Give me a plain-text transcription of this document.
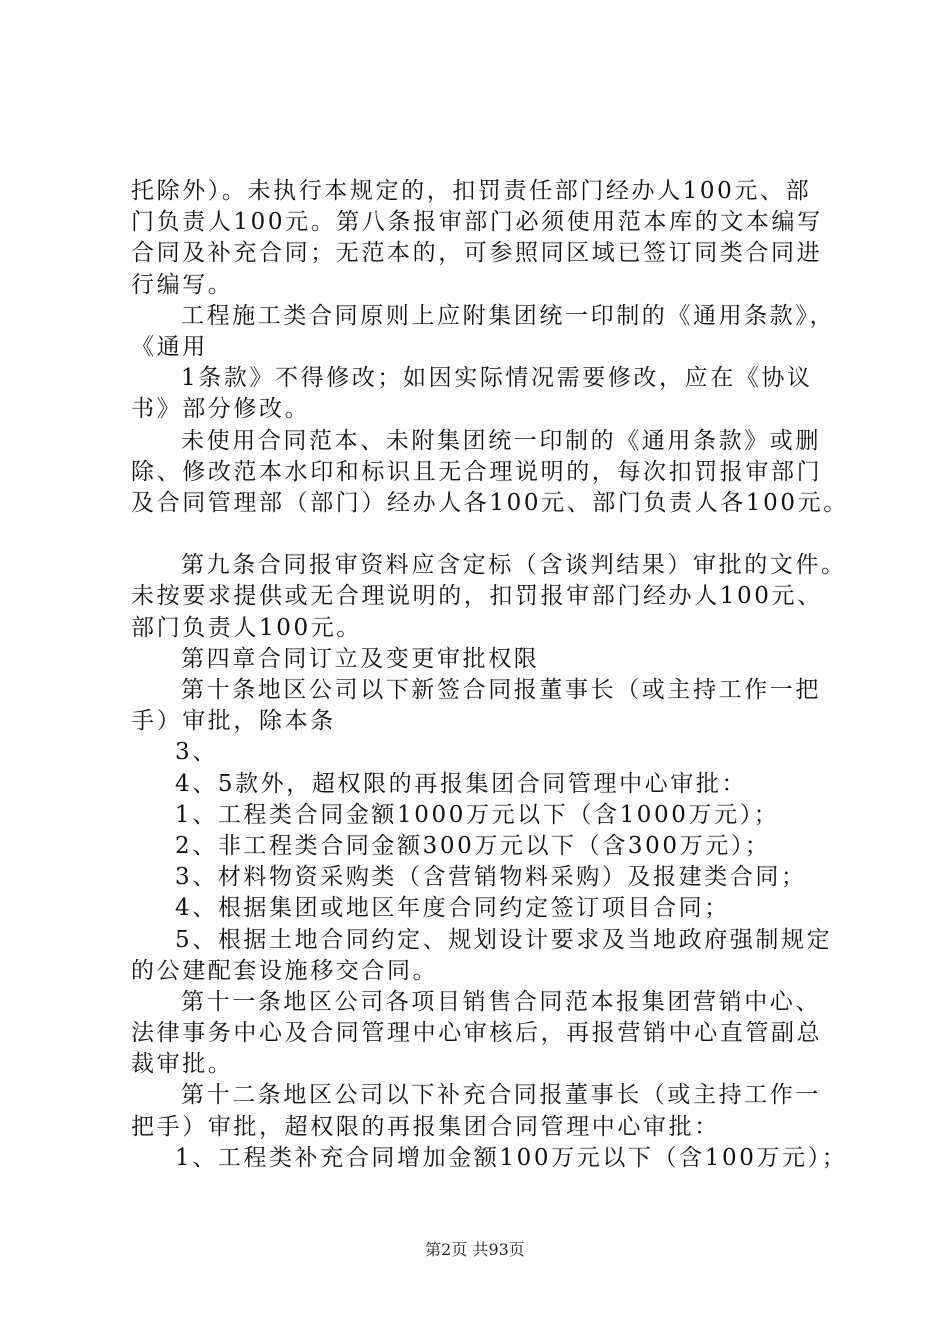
托除外）。未执行本规定的，扣罚责任部门经办人100元、部
门负责人100元。第八条报审部门必须使用范本库的文本编写
合同及补充合同；无范本的，可参照同区域已签订同类合同进
行编写。
工程施工类合同原则上应附集团统一印制的《通用条款》，
《通用
1条款》不得修改；如因实际情况需要修改，应在《协议
书》部分修改。
未使用合同范本、未附集团统一印制的《通用条款》或删
除、修改范本水印和标识且无合理说明的，每次扣罚报审部门
及合同管理部（部门）经办人各100元、部门负责人各100元。
第九条合同报审资料应含定标（含谈判结果）审批的文件。
未按要求提供或无合理说明的，扣罚报审部门经办人100元、
部门负责人100元。
第四章合同订立及变更审批权限
第十条地区公司以下新签合同报董事长（或主持工作一把
手）审批，除本条
3、
4、5款外，超权限的再报集团合同管理中心审批：
1、工程类合同金额1000万元以下（含1000万元）；
2、非工程类合同金额300万元以下（含300万元）；
3、材料物资采购类（含营销物料采购）及报建类合同；
4、根据集团或地区年度合同约定签订项目合同；
5、根据土地合同约定、规划设计要求及当地政府强制规定
的公建配套设施移交合同。
第十一条地区公司各项目销售合同范本报集团营销中心、
法律事务中心及合同管理中心审核后，再报营销中心直管副总
裁审批。
第十二条地区公司以下补充合同报董事长（或主持工作一
把手）审批，超权限的再报集团合同管理中心审批：
1、工程类补充合同增加金额100万元以下（含100万元）；
第2页 共93页
